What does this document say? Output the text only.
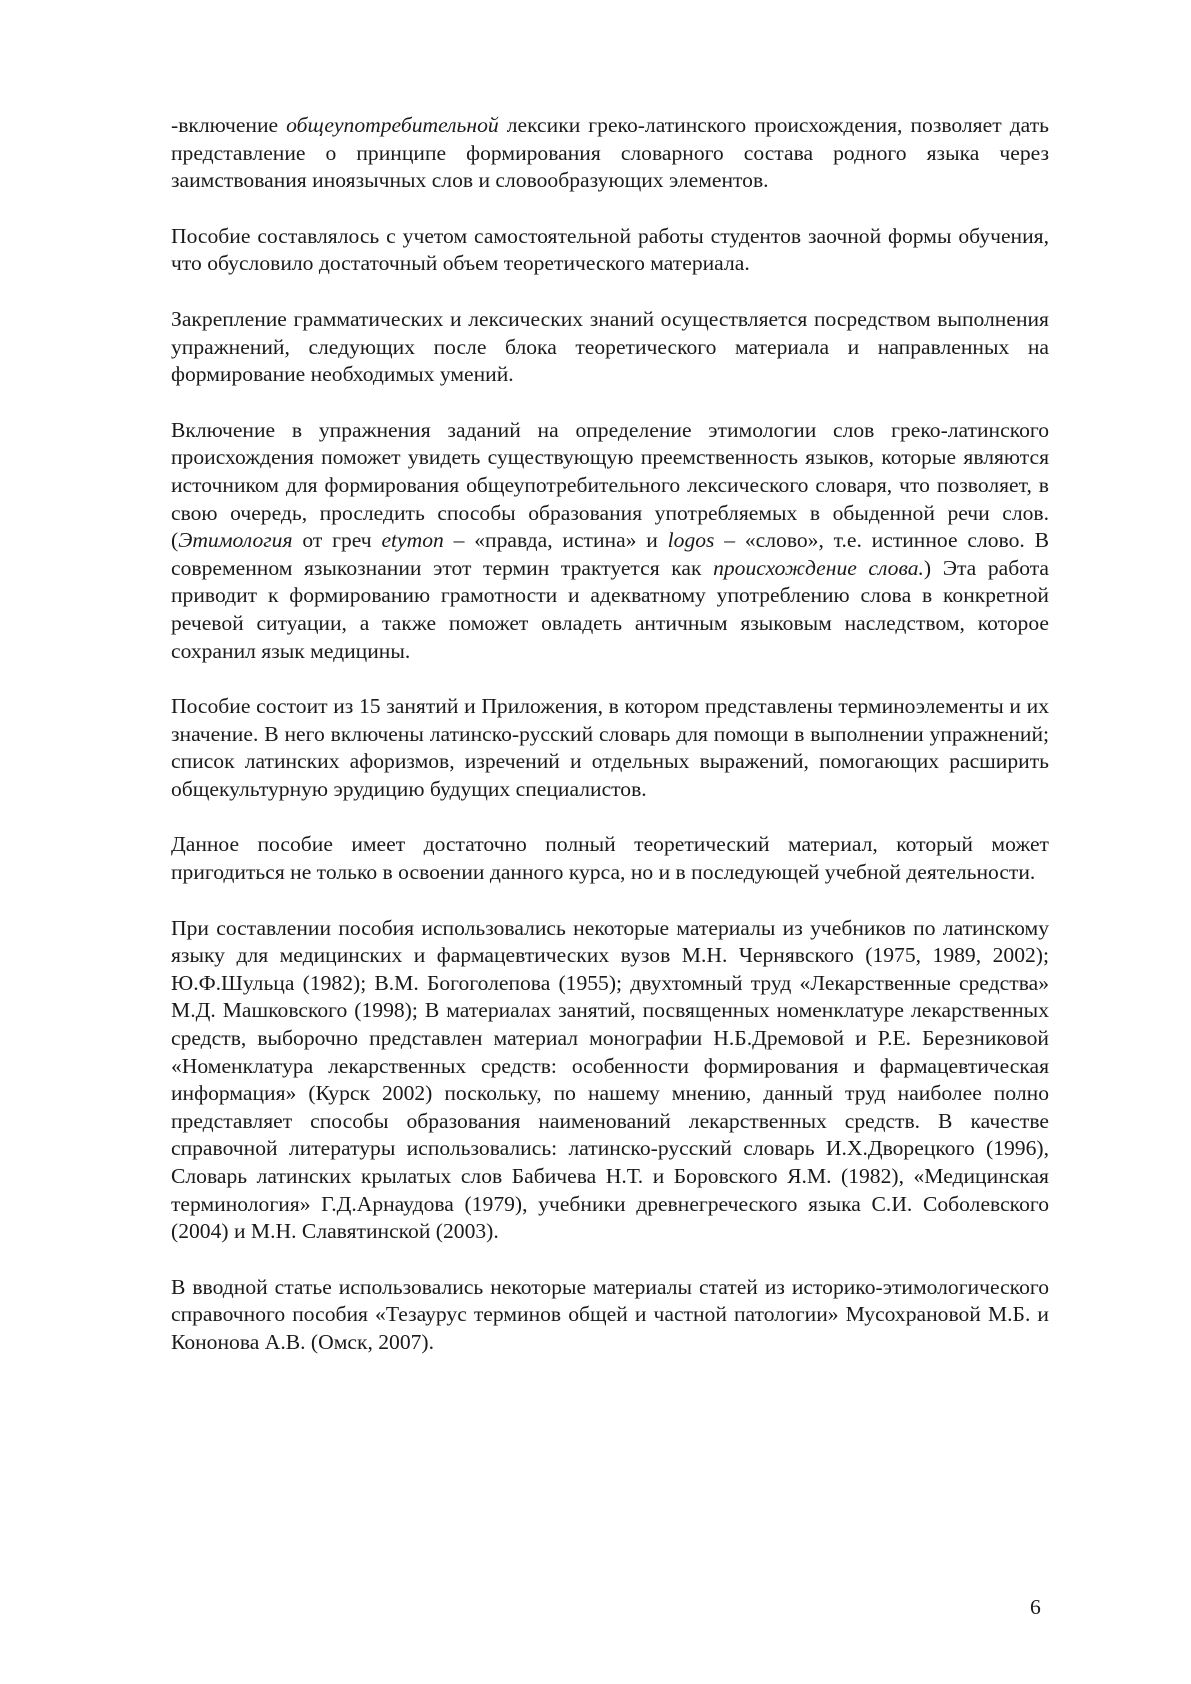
-включение общеупотребительной лексики греко-латинского происхождения, позволяет дать представление о принципе формирования словарного состава родного языка через заимствования иноязычных слов и словообразующих элементов.

Пособие составлялось с учетом самостоятельной работы студентов заочной формы обучения, что обусловило достаточный объем теоретического материала.

Закрепление грамматических и лексических знаний осуществляется посредством выполнения упражнений, следующих после блока теоретического материала и направленных на формирование необходимых умений.

Включение в упражнения заданий на определение этимологии слов греко-латинского происхождения поможет увидеть существующую преемственность языков, которые являются источником для формирования общеупотребительного лексического словаря, что позволяет, в свою очередь, проследить способы образования употребляемых в обыденной речи слов. (Этимология от греч etymon – «правда, истина» и logos – «слово», т.е. истинное слово. В современном языкознании этот термин трактуется как происхождение слова.) Эта работа приводит к формированию грамотности и адекватному употреблению слова в конкретной речевой ситуации, а также поможет овладеть античным языковым наследством, которое сохранил язык медицины.

Пособие состоит из 15 занятий и Приложения, в котором представлены терминоэлементы и их значение. В него включены латинско-русский словарь для помощи в выполнении упражнений; список латинских афоризмов, изречений и отдельных выражений, помогающих расширить общекультурную эрудицию будущих специалистов.

Данное пособие имеет достаточно полный теоретический материал, который может пригодиться не только в освоении данного курса, но и в последующей учебной деятельности.

При составлении пособия использовались некоторые материалы из учебников по латинскому языку для медицинских и фармацевтических вузов М.Н. Чернявского (1975, 1989, 2002); Ю.Ф.Шульца (1982); В.М. Богоголепова (1955); двухтомный труд «Лекарственные средства» М.Д. Машковского (1998); В материалах занятий, посвященных номенклатуре лекарственных средств, выборочно представлен материал монографии Н.Б.Дремовой и Р.Е. Березниковой «Номенклатура лекарственных средств: особенности формирования и фармацевтическая информация» (Курск 2002) поскольку, по нашему мнению, данный труд наиболее полно представляет способы образования наименований лекарственных средств. В качестве справочной литературы использовались: латинско-русский словарь И.Х.Дворецкого (1996), Словарь латинских крылатых слов Бабичева Н.Т. и Боровского Я.М. (1982), «Медицинская терминология» Г.Д.Арнаудова (1979), учебники древнегреческого языка С.И. Соболевского (2004) и М.Н. Славятинской (2003).

В вводной статье использовались некоторые материалы статей из историко-этимологического справочного пособия «Тезаурус терминов общей и частной патологии» Мусохрановой М.Б. и Кононова А.В. (Омск, 2007).

6
